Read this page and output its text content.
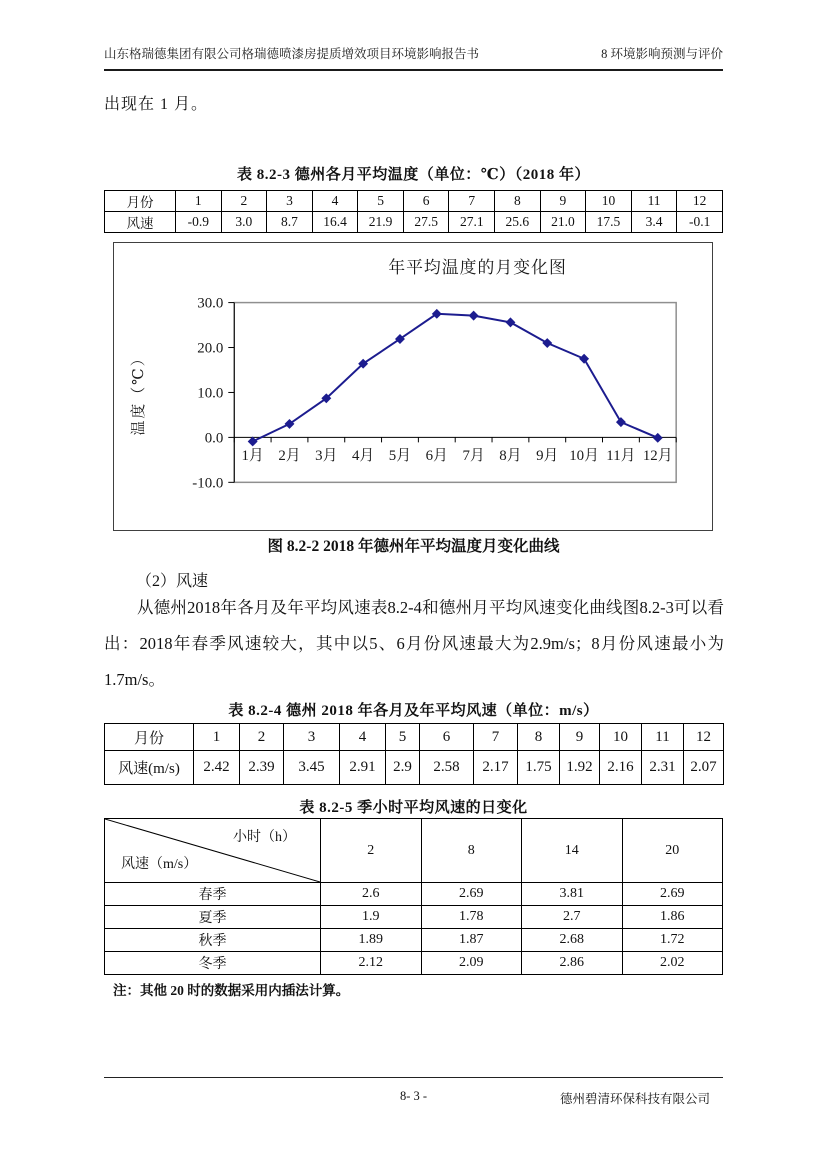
山东格瑞德集团有限公司格瑞德喷漆房提质增效项目环境影响报告书	8 环境影响预测与评价
出现在 1 月。
表 8.2-3 德州各月平均温度（单位：℃）（2018 年）
月份	1	2	3	4	5	6	7	8	9	10	11	12
风速	-0.9	3.0	8.7	16.4	21.9	27.5	27.1	25.6	21.0	17.5	3.4	-0.1
年平均温度的月变化图
30.0
20.0
10.0
0.0
-10.0
1月 2月 3月 4月 5月 6月 7月 8月 9月 10月 11月 12月
温度（℃）
图 8.2-2 2018 年德州年平均温度月变化曲线
（2）风速
从德州2018年各月及年平均风速表8.2-4和德州月平均风速变化曲线图8.2-3可以看出：2018年春季风速较大，其中以5、6月份风速最大为2.9m/s；8月份风速最小为1.7m/s。
表 8.2-4 德州 2018 年各月及年平均风速（单位：m/s）
月份	1	2	3	4	5	6	7	8	9	10	11	12
风速(m/s)	2.42	2.39	3.45	2.91	2.9	2.58	2.17	1.75	1.92	2.16	2.31	2.07
表 8.2-5 季小时平均风速的日变化
小时（h）
风速（m/s）	2	8	14	20
春季	2.6	2.69	3.81	2.69
夏季	1.9	1.78	2.7	1.86
秋季	1.89	1.87	2.68	1.72
冬季	2.12	2.09	2.86	2.02
注：其他 20 时的数据采用内插法计算。
8- 3 -	德州碧清环保科技有限公司
